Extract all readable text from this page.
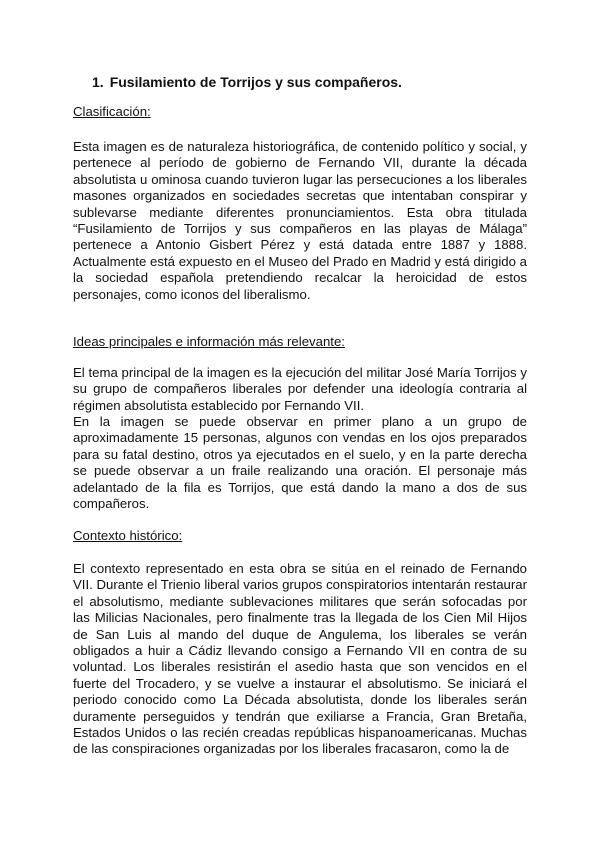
1. Fusilamiento de Torrijos y sus compañeros.
Clasificación:

Esta imagen es de naturaleza historiográfica, de contenido político y social, y pertenece al período de gobierno de Fernando VII, durante la década absolutista u ominosa cuando tuvieron lugar las persecuciones a los liberales masones organizados en sociedades secretas que intentaban conspirar y sublevarse mediante diferentes pronunciamientos. Esta obra titulada “Fusilamiento de Torrijos y sus compañeros en las playas de Málaga” pertenece a Antonio Gisbert Pérez y está datada entre 1887 y 1888. Actualmente está expuesto en el Museo del Prado en Madrid y está dirigido a la sociedad española pretendiendo recalcar la heroicidad de estos personajes, como iconos del liberalismo.

Ideas principales e información más relevante:

El tema principal de la imagen es la ejecución del militar José María Torrijos y su grupo de compañeros liberales por defender una ideología contraria al régimen absolutista establecido por Fernando VII.

En la imagen se puede observar en primer plano a un grupo de aproximadamente 15 personas, algunos con vendas en los ojos preparados para su fatal destino, otros ya ejecutados en el suelo, y en la parte derecha se puede observar a un fraile realizando una oración. El personaje más adelantado de la fila es Torrijos, que está dando la mano a dos de sus compañeros.

Contexto histórico:

El contexto representado en esta obra se sitúa en el reinado de Fernando VII. Durante el Trienio liberal varios grupos conspiratorios intentarán restaurar el absolutismo, mediante sublevaciones militares que serán sofocadas por las Milicias Nacionales, pero finalmente tras la llegada de los Cien Mil Hijos de San Luis al mando del duque de Angulema, los liberales se verán obligados a huir a Cádiz llevando consigo a Fernando VII en contra de su voluntad. Los liberales resistirán el asedio hasta que son vencidos en el fuerte del Trocadero, y se vuelve a instaurar el absolutismo. Se iniciará el periodo conocido como La Década absolutista, donde los liberales serán duramente perseguidos y tendrán que exiliarse a Francia, Gran Bretaña, Estados Unidos o las recién creadas repúblicas hispanoamericanas. Muchas de las conspiraciones organizadas por los liberales fracasaron, como la de
